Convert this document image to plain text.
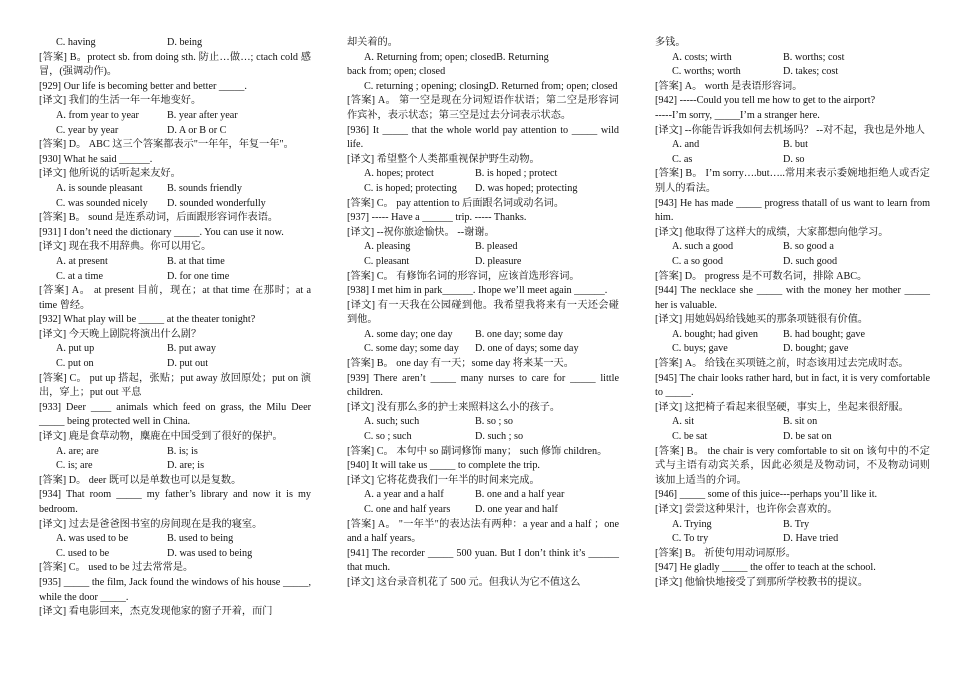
C. having	D. being
[答案] B。protect sb. from doing sth. 防止…做…; ctach cold 感冒，(强调动作)。
[929] Our life is becoming better and better _____.
[译文] 我们的生活一年一年地变好。
A. from year to year	B. year after year
C. year by year	D. A or B or C
[答案] D。 ABC 这三个答案都表示"一年年，年复一年"。
[930] What he said ______.
[译文] 他所说的话听起来友好。
A. is sounde pleasant B. sounds friendly
C. was sounded nicely D. sounded wonderfully
[答案] B。 sound 是连系动词，后面跟形容词作表语。
[931] I don’t need the dictionary _____. You can use it now.
[译文] 现在我不用辞典。你可以用它。
A. at present	B. at that time
C. at a time	D. for one time
[答案] A。 at present 目前，现在；at that time 在那时；at a time 曾经。
[932] What play will be _____ at the theater tonight?
[译文] 今天晚上剧院将演出什么剧？
A. put up	B. put away
C. put on	D. put out
[答案] C。 put up 搭起，张贴；put away 放回原处；put on 演出，穿上；put out 平息
[933] Deer ____ animals which feed on grass, the Milu Deer _____ being protected well in China.
[译文] 鹿是食草动物，麋鹿在中国受到了很好的保护。
A. are; are	B. is; is
C. is; are	D. are; is
[答案] D。 deer 既可以是单数也可以是复数。
[934] That room _____ my father’s library and now it is my bedroom.
[译文] 过去是爸爸图书室的房间现在是我的寝室。
A. was used to be	B. used to being
C. used to be	D. was used to being
[答案] C。 used to be 过去常常是。
[935] _____ the film, Jack found the windows of his house _____, while the door _____.
[译文] 看电影回来，杰克发现他家的窗子开着，而门
却关着的。
A. Returning from; open; closedB. Returning
back from; open; closed
C. returning ; opening; closingD. Returned from; open; closed
[答案] A。 第一空是现在分词短语作状语；第二空是形容词作宾补，表示状态；第三空是过去分词表示状态。
[936] It _____ that the whole world pay attention to _____ wild life.
[译文] 希望整个人类都重视保护野生动物。
A. hopes; protect	B. is hoped ; protect
C. is hoped; protecting D. was hoped; protecting
[答案] C。 pay attention to 后面跟名词或动名词。
[937] ----- Have a ______ trip. ----- Thanks.
[译文] --祝你旅途愉快。 --谢谢。
A. pleasing	B. pleased
C. pleasant	D. pleasure
[答案] C。 有修饰名词的形容词，应该首选形容词。
[938] I met him in park______. Ihope we’ll meet again ______.
[译文] 有一天我在公园碰到他。我希望我将来有一天还会碰到他。
A. some day; one day B. one day; some day
C. some day; some day D. one of days; some day
[答案] B。 one day 有一天；some day 将来某一天。
[939] There aren’t _____ many nurses to care for _____ little children.
[译文] 没有那么多的护士来照料这么小的孩子。
A. such; such	B. so ; so
C. so ; such	D. such ; so
[答案] C。 本句中 so 副词修饰 many； such 修饰 children。
[940] It will take us _____ to complete the trip.
[译文] 它将花费我们一年半的时间来完成。
A. a year and a half	B. one and a half year
C. one and half years D. one year and half
[答案] A。 "一年半"的表达法有两种：a year and a half ；one and a half years。
[941] The recorder _____ 500 yuan. But I don’t think it’s ______ that much.
[译文] 这台录音机花了 500 元。但我认为它不值这么
多钱。
A. costs; wirth	B. worths; cost
C. worths; worth	D. takes; cost
[答案] A。 worth 是表语形容词。
[942] -----Could you tell me how to get to the airport?
-----I’m sorry, _____I’m a stranger here.
[译文] --你能告诉我如何去机场吗？ --对不起，我也是外地人
A. and	B. but
C. as	D. so
[答案] B。 I’m sorry….but…..常用来表示委婉地拒绝人或否定别人的看法。
[943] He has made _____ progress thatall of us want to learn from him.
[译文] 他取得了这样大的成绩，大家都想向他学习。
A. such a good	B. so good a
C. a so good	D. such good
[答案] D。 progress 是不可数名词，排除 ABC。
[944] The necklace she _____ with the money her mother _____ her is valuable.
[译文] 用她妈妈给钱她买的那条项链很有价值。
A. bought; had given B. had bought; gave
C. buys; gave	D. bought; gave
[答案] A。 给钱在买项链之前，时态该用过去完成时态。
[945] The chair looks rather hard, but in fact, it is very comfortable to _____.
[译文] 这把椅子看起来很坚硬，事实上，坐起来很舒服。
A. sit	B. sit on
C. be sat	D. be sat on
[答案] B。 the chair is very comfortable to sit on 该句中的不定式与主语有动宾关系，因此必须是及物动词，不及物动词则该加上适当的介词。
[946] _____ some of this juice---perhaps you’ll like it.
[译文] 尝尝这种果汁，也许你会喜欢的。
A. Trying	B. Try
C. To try	D. Have tried
[答案] B。 祈使句用动词原形。
[947] He gladly _____ the offer to teach at the school.
[译文] 他愉快地接受了到那所学校教书的提议。
